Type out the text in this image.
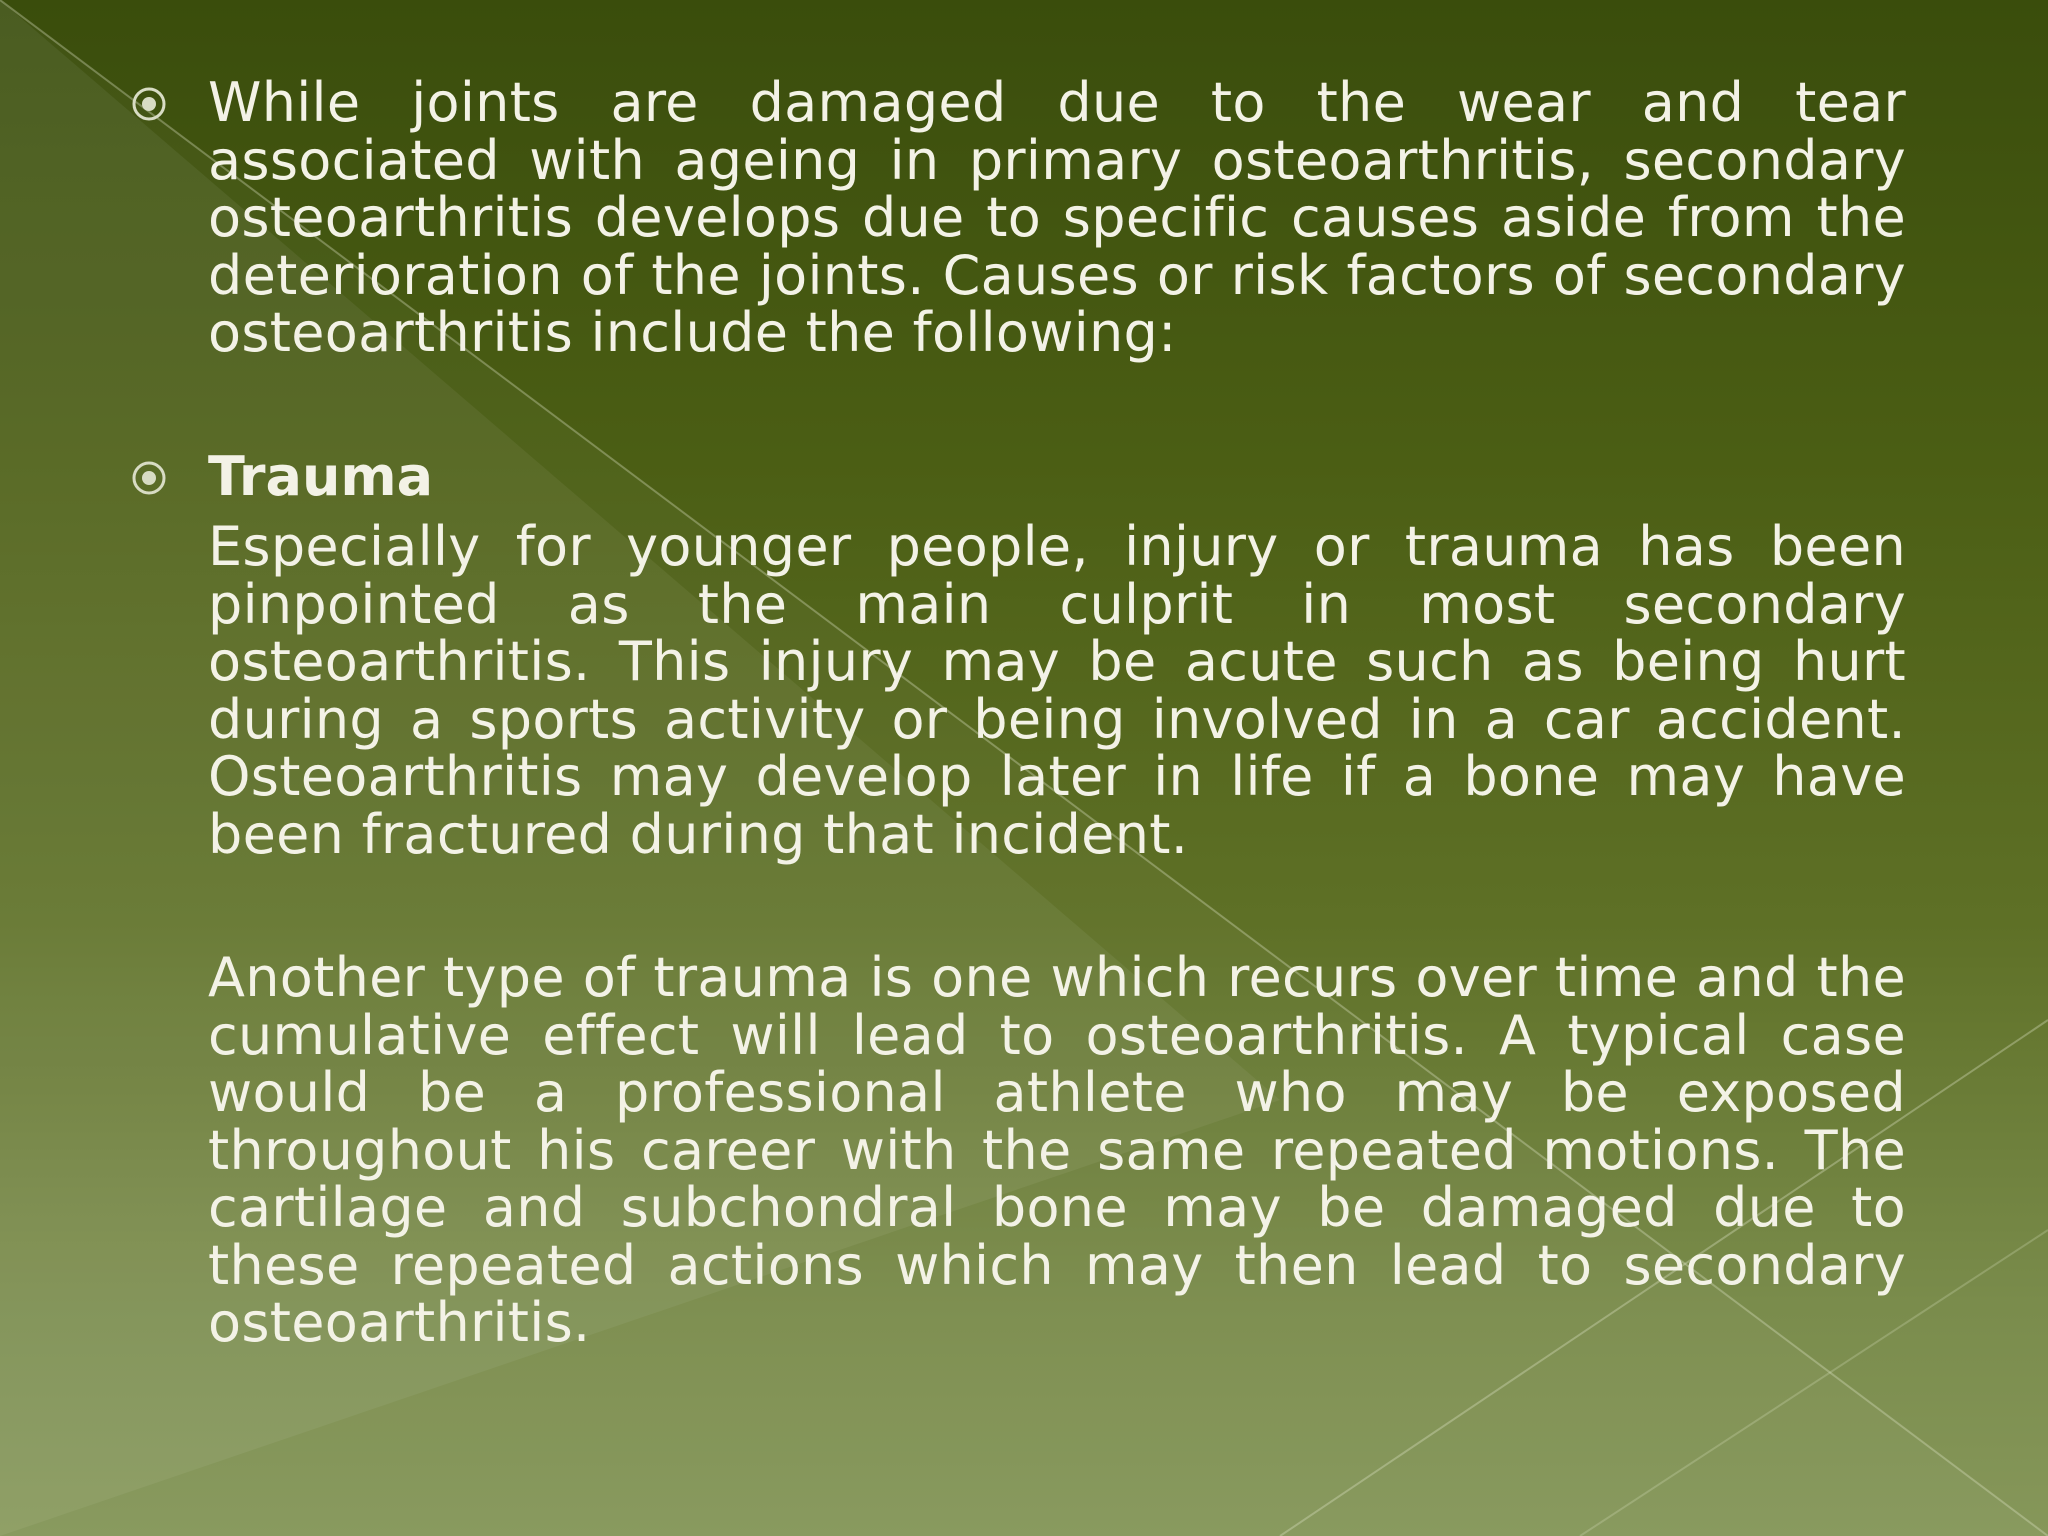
While joints are damaged due to the wear and tear associated with ageing in primary osteoarthritis, secondary osteoarthritis develops due to specific causes aside from the deterioration of the joints. Causes or risk factors of secondary osteoarthritis include the following:

Trauma

Especially for younger people, injury or trauma has been pinpointed as the main culprit in most secondary osteoarthritis. This injury may be acute such as being hurt during a sports activity or being involved in a car accident. Osteoarthritis may develop later in life if a bone may have been fractured during that incident.

Another type of trauma is one which recurs over time and the cumulative effect will lead to osteoarthritis. A typical case would be a professional athlete who may be exposed throughout his career with the same repeated motions. The cartilage and subchondral bone may be damaged due to these repeated actions which may then lead to secondary osteoarthritis.
